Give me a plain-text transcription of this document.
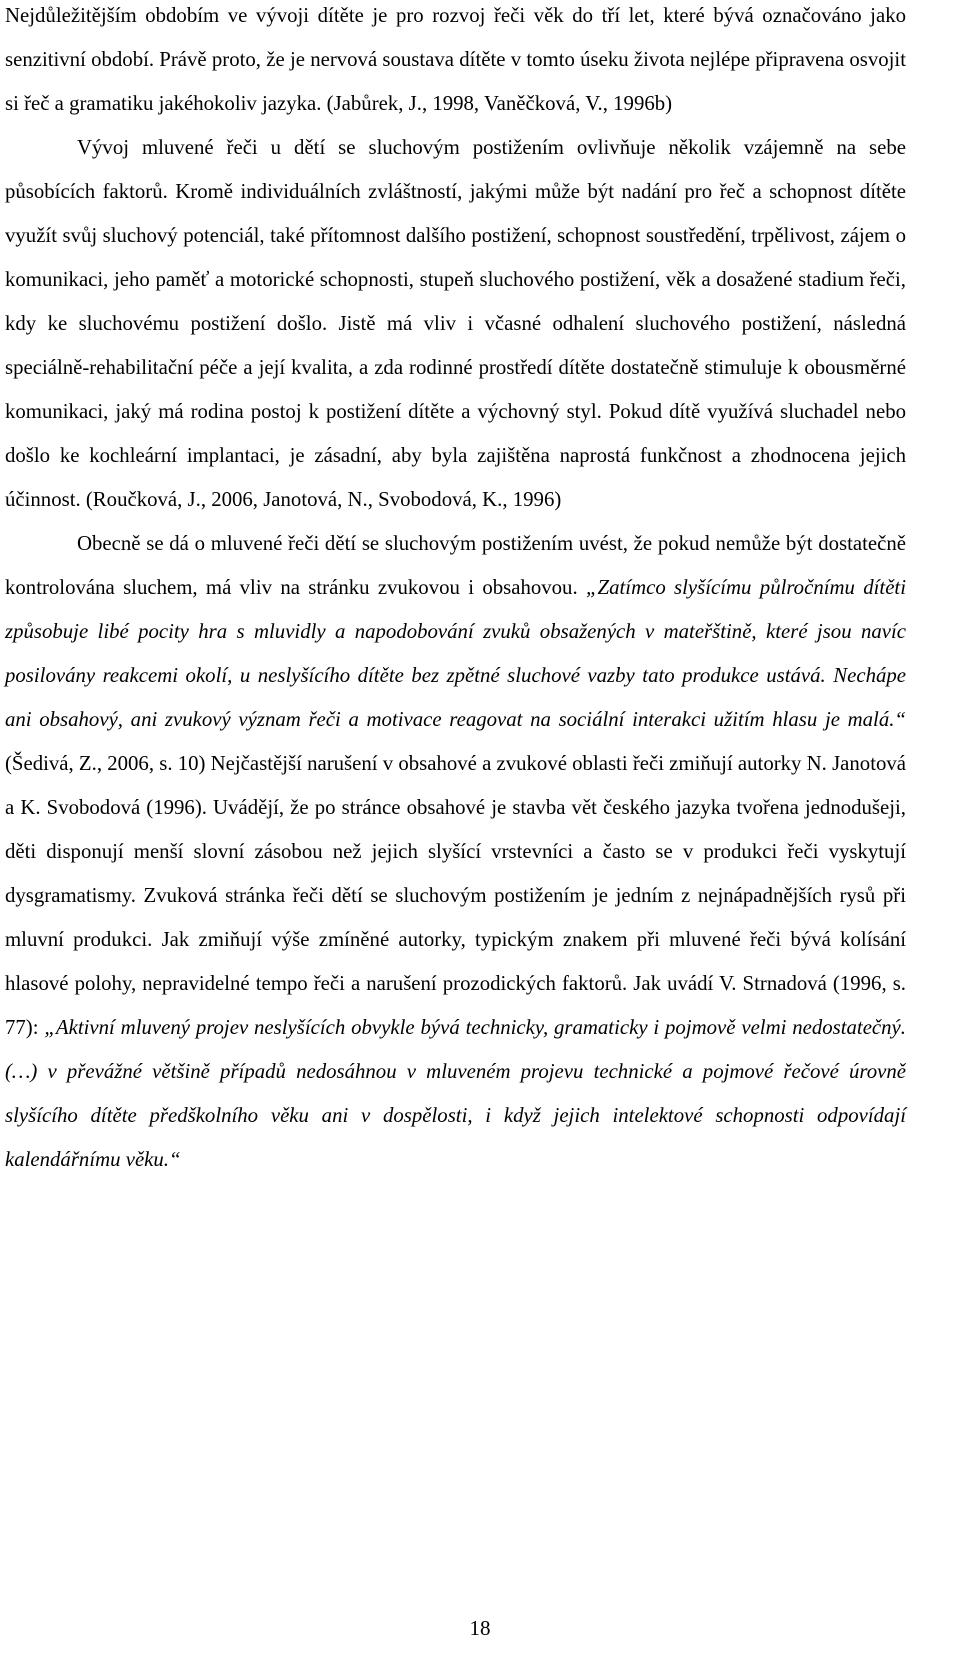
Nejdůležitějším obdobím ve vývoji dítěte je pro rozvoj řeči věk do tří let, které bývá označováno jako senzitivní období. Právě proto, že je nervová soustava dítěte v tomto úseku života nejlépe připravena osvojit si řeč a gramatiku jakéhokoliv jazyka. (Jabůrek, J., 1998, Vaněčková, V., 1996b)

Vývoj mluvené řeči u dětí se sluchovým postižením ovlivňuje několik vzájemně na sebe působících faktorů. Kromě individuálních zvláštností, jakými může být nadání pro řeč a schopnost dítěte využít svůj sluchový potenciál, také přítomnost dalšího postižení, schopnost soustředění, trpělivost, zájem o komunikaci, jeho paměť a motorické schopnosti, stupeň sluchového postižení, věk a dosažené stadium řeči, kdy ke sluchovému postižení došlo. Jistě má vliv i včasné odhalení sluchového postižení, následná speciálně-rehabilitační péče a její kvalita, a zda rodinné prostředí dítěte dostatečně stimuluje k obousměrné komunikaci, jaký má rodina postoj k postižení dítěte a výchovný styl. Pokud dítě využívá sluchadel nebo došlo ke kochleární implantaci, je zásadní, aby byla zajištěna naprostá funkčnost a zhodnocena jejich účinnost. (Roučková, J., 2006, Janotová, N., Svobodová, K., 1996)

Obecně se dá o mluvené řeči dětí se sluchovým postižením uvést, že pokud nemůže být dostatečně kontrolována sluchem, má vliv na stránku zvukovou i obsahovou. „Zatímco slyšícímu půlročnímu dítěti způsobuje libé pocity hra s mluvidly a napodobování zvuků obsažených v mateřštině, které jsou navíc posilovány reakcemi okolí, u neslyšícího dítěte bez zpětné sluchové vazby tato produkce ustává. Nechápe ani obsahový, ani zvukový význam řeči a motivace reagovat na sociální interakci užitím hlasu je malá.“ (Šedivá, Z., 2006, s. 10) Nejčastější narušení v obsahové a zvukové oblasti řeči zmiňují autorky N. Janotová a K. Svobodová (1996). Uvádějí, že po stránce obsahové je stavba vět českého jazyka tvořena jednodušeji, děti disponují menší slovní zásobou než jejich slyšící vrstevníci a často se v produkci řeči vyskytují dysgramatismy. Zvuková stránka řeči dětí se sluchovým postižením je jedním z nejnápadnějších rysů při mluvní produkci. Jak zmiňují výše zmíněné autorky, typickým znakem při mluvené řeči bývá kolísání hlasové polohy, nepravidelné tempo řeči a narušení prozodických faktorů. Jak uvádí V. Strnadová (1996, s. 77): „Aktivní mluvený projev neslyšících obvykle bývá technicky, gramaticky i pojmově velmi nedostatečný. (…) v převážné většině případů nedosáhnou v mluveném projevu technické a pojmové řečové úrovně slyšícího dítěte předškolního věku ani v dospělosti, i když jejich intelektové schopnosti odpovídají kalendářnímu věku.“

18
